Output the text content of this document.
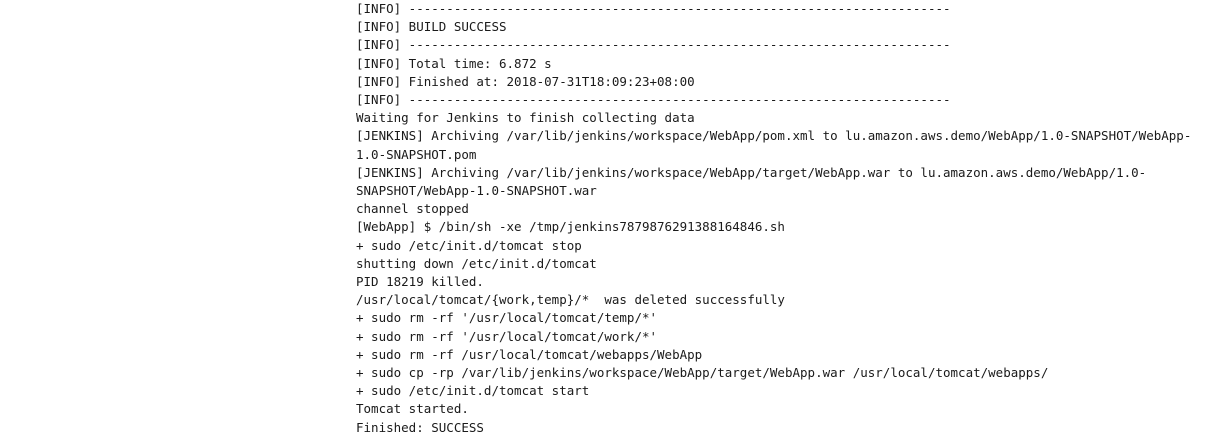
[INFO] ------------------------------------------------------------------------
[INFO] BUILD SUCCESS
[INFO] ------------------------------------------------------------------------
[INFO] Total time: 6.872 s
[INFO] Finished at: 2018-07-31T18:09:23+08:00
[INFO] ------------------------------------------------------------------------
Waiting for Jenkins to finish collecting data
[JENKINS] Archiving /var/lib/jenkins/workspace/WebApp/pom.xml to lu.amazon.aws.demo/WebApp/1.0-SNAPSHOT/WebApp-1.0-SNAPSHOT.pom
[JENKINS] Archiving /var/lib/jenkins/workspace/WebApp/target/WebApp.war to lu.amazon.aws.demo/WebApp/1.0-SNAPSHOT/WebApp-1.0-SNAPSHOT.war
channel stopped
[WebApp] $ /bin/sh -xe /tmp/jenkins7879876291388164846.sh
+ sudo /etc/init.d/tomcat stop
shutting down /etc/init.d/tomcat
PID 18219 killed.
/usr/local/tomcat/{work,temp}/*  was deleted successfully
+ sudo rm -rf '/usr/local/tomcat/temp/*'
+ sudo rm -rf '/usr/local/tomcat/work/*'
+ sudo rm -rf /usr/local/tomcat/webapps/WebApp
+ sudo cp -rp /var/lib/jenkins/workspace/WebApp/target/WebApp.war /usr/local/tomcat/webapps/
+ sudo /etc/init.d/tomcat start
Tomcat started.
Finished: SUCCESS
